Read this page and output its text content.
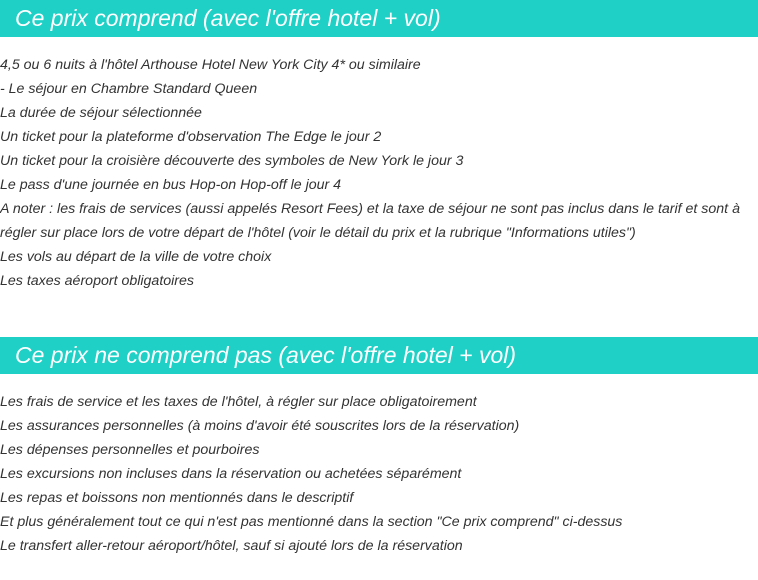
Ce prix comprend (avec l'offre hotel + vol)
4,5 ou 6 nuits à l'hôtel Arthouse Hotel New York City 4* ou similaire
- Le séjour en Chambre Standard Queen
La durée de séjour sélectionnée
Un ticket pour la plateforme d'observation The Edge le jour 2
Un ticket pour la croisière découverte des symboles de New York le jour 3
Le pass d'une journée en bus Hop-on Hop-off le jour 4
A noter : les frais de services (aussi appelés Resort Fees) et la taxe de séjour ne sont pas inclus dans le tarif et sont à régler sur place lors de votre départ de l'hôtel (voir le détail du prix et la rubrique "Informations utiles")
Les vols au départ de la ville de votre choix
Les taxes aéroport obligatoires
Ce prix ne comprend pas (avec l'offre hotel + vol)
Les frais de service et les taxes de l'hôtel, à régler sur place obligatoirement
Les assurances personnelles (à moins d'avoir été souscrites lors de la réservation)
Les dépenses personnelles et pourboires
Les excursions non incluses dans la réservation ou achetées séparément
Les repas et boissons non mentionnés dans le descriptif
Et plus généralement tout ce qui n'est pas mentionné dans la section "Ce prix comprend" ci-dessus
Le transfert aller-retour aéroport/hôtel, sauf si ajouté lors de la réservation
